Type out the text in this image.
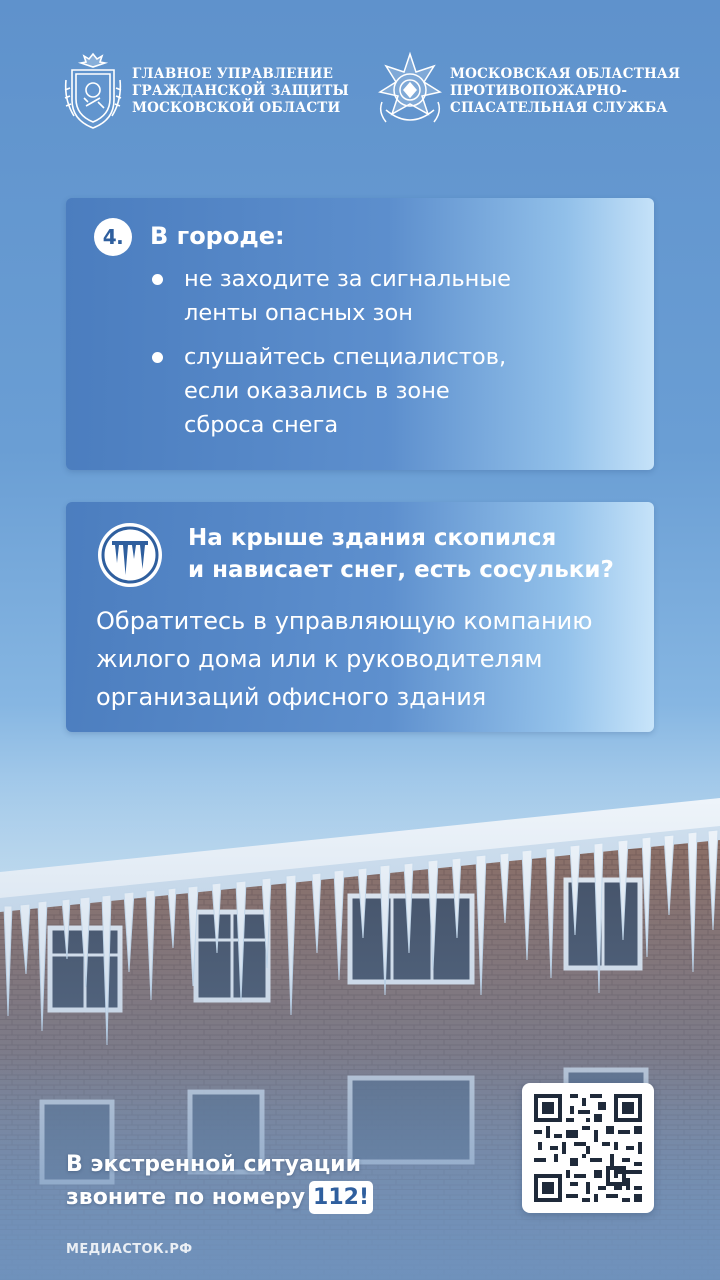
ГЛАВНОЕ УПРАВЛЕНИЕ
ГРАЖДАНСКОЙ ЗАЩИТЫ
МОСКОВСКОЙ ОБЛАСТИ
МОСКОВСКАЯ ОБЛАСТНАЯ
ПРОТИВОПОЖАРНО-
СПАСАТЕЛЬНАЯ СЛУЖБА
4.	В городе:
не заходите за сигнальные
ленты опасных зон
слушайтесь специалистов,
если оказались в зоне
сброса снега
На крыше здания скопился
и нависает снег, есть сосульки?
Обратитесь в управляющую компанию
жилого дома или к руководителям
организаций офисного здания
В экстренной ситуации
звоните по номеру 112!
МЕДИАСТОК.РФ
